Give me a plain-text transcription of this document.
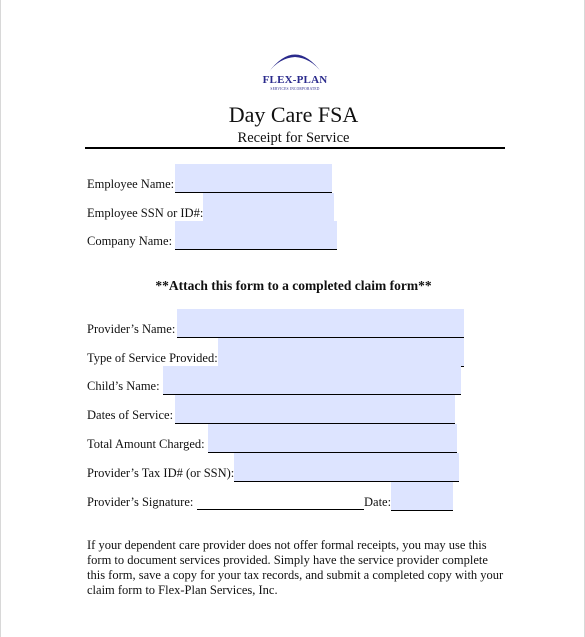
FLEX-PLAN
SERVICES INCORPORATED
Day Care FSA
Receipt for Service
Employee Name:
Employee SSN or ID#:
Company Name:
**Attach this form to a completed claim form**
Provider’s Name:
Type of Service Provided:
Child’s Name:
Dates of Service:
Total Amount Charged:
Provider’s Tax ID# (or SSN):
Provider’s Signature:	Date:
If your dependent care provider does not offer formal receipts, you may use this
form to document services provided. Simply have the service provider complete
this form, save a copy for your tax records, and submit a completed copy with your
claim form to Flex-Plan Services, Inc.
